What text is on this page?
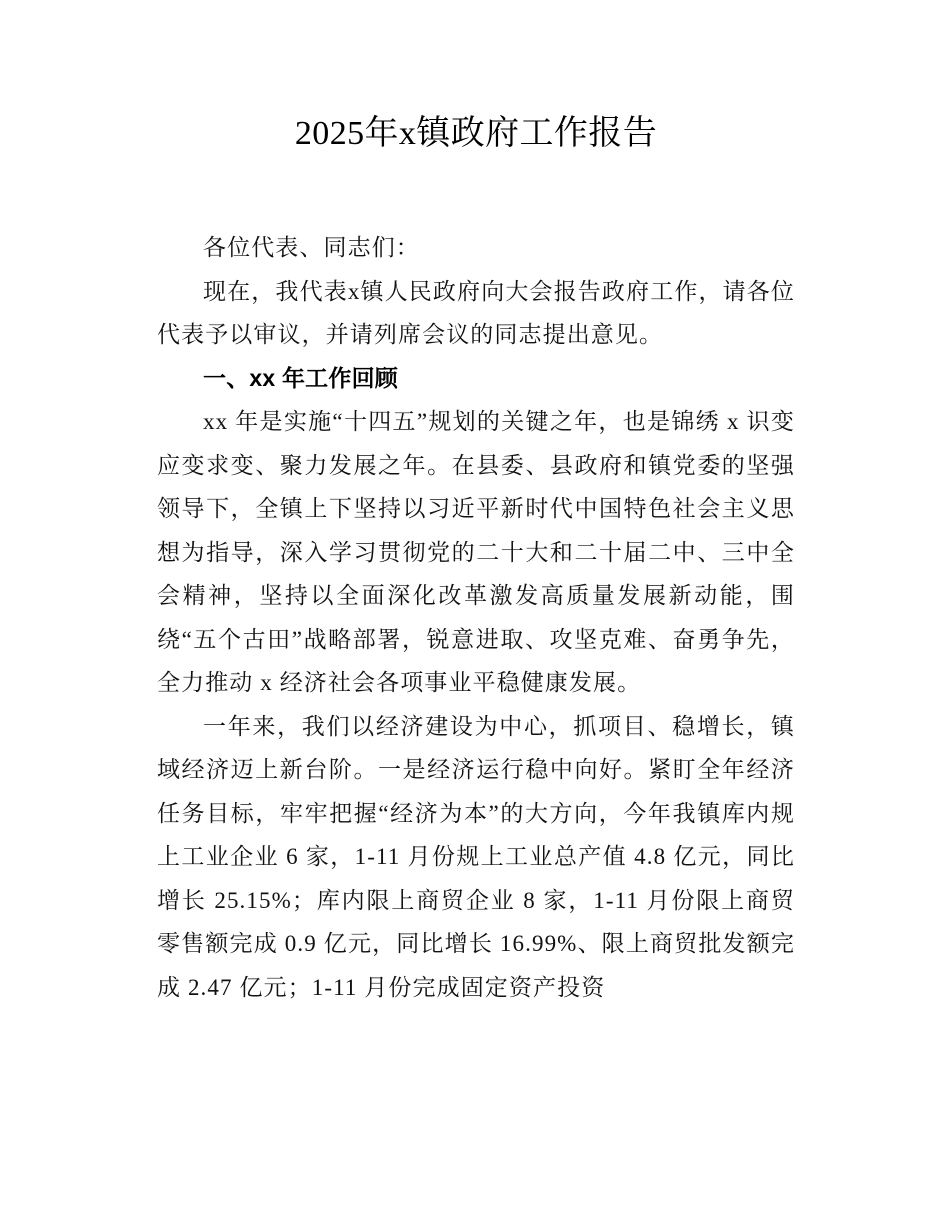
2025年x镇政府工作报告

各位代表、同志们：

现在，我代表x镇人民政府向大会报告政府工作，请各位代表予以审议，并请列席会议的同志提出意见。

一、xx 年工作回顾

xx 年是实施“十四五”规划的关键之年，也是锦绣 x 识变应变求变、聚力发展之年。在县委、县政府和镇党委的坚强领导下，全镇上下坚持以习近平新时代中国特色社会主义思想为指导，深入学习贯彻党的二十大和二十届二中、三中全会精神，坚持以全面深化改革激发高质量发展新动能，围绕“五个古田”战略部署，锐意进取、攻坚克难、奋勇争先，全力推动 x 经济社会各项事业平稳健康发展。

一年来，我们以经济建设为中心，抓项目、稳增长，镇域经济迈上新台阶。一是经济运行稳中向好。紧盯全年经济任务目标，牢牢把握“经济为本”的大方向，今年我镇库内规上工业企业 6 家，1-11 月份规上工业总产值 4.8 亿元，同比增长 25.15%；库内限上商贸企业 8 家，1-11 月份限上商贸零售额完成 0.9 亿元，同比增长 16.99%、限上商贸批发额完成 2.47 亿元；1-11 月份完成固定资产投资
